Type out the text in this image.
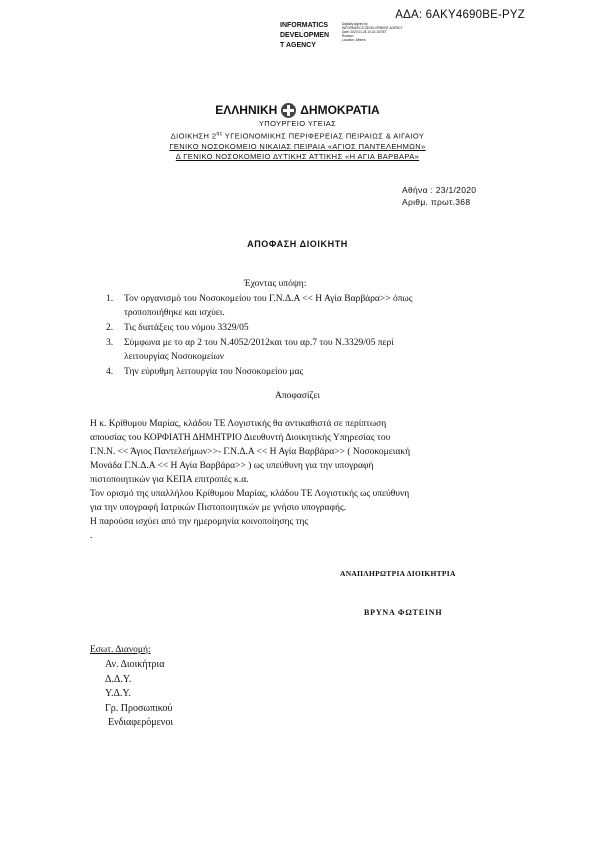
ΑΔΑ: 6ΑΚΥ4690ΒΕ-ΡΥΖ
INFORMATICS
DEVELOPMEN
T AGENCY
Digitally signed by
INFORMATICS DEVELOPMENT AGENCY
Date: 2020.01.28 10:21:18 EET
Reason:
Location: Athens
ΕΛΛΗΝΙΚΗ ΔΗΜΟΚΡΑΤΙΑ
ΥΠΟΥΡΓΕΙΟ ΥΓΕΙΑΣ
ΔΙΟΙΚΗΣΗ $2^{\eta\varsigma}$ ΥΓΕΙΟΝΟΜΙΚΗΣ ΠΕΡΙΦΕΡΕΙΑΣ ΠΕΙΡΑΙΩΣ & ΑΙΓΑΙΟΥ
ΓΕΝΙΚΟ ΝΟΣΟΚΟΜΕΙΟ ΝΙΚΑΙΑΣ ΠΕΙΡΑΙΑ «ΑΓΙΟΣ ΠΑΝΤΕΛΕΗΜΩΝ»
Δ ΓΕΝΙΚΟ ΝΟΣΟΚΟΜΕΙΟ ΔΥΤΙΚΗΣ ΑΤΤΙΚΗΣ «Η ΑΓΙΑ ΒΑΡΒΑΡΑ»
Αθήνα : 23/1/2020
Αριθμ. πρωτ.368
ΑΠΟΦΑΣΗ ΔΙΟΙΚΗΤΗ
Έχοντας υπόψη:
1. Τον οργανισμό του Νοσοκομείου του Γ.Ν.Δ.Α << Η Αγία Βαρβάρα>> όπως
τροποποιήθηκε και ισχύει.
2. Τις διατάξεις του νόμου 3329/05
3. Σύμφωνα με το αρ 2 του Ν.4052/2012και του αρ.7 του Ν.3329/05 περί
λειτουργίας Νοσοκομείων
4. Την εύρυθμη λειτουργία του Νοσοκομείου μας
Αποφασίζει

Η κ. Κρίθυμου Μαρίας, κλάδου ΤΕ Λογιστικής θα αντικαθιστά σε περίπτωση

απουσίας του ΚΟΡΦΙΑΤΗ ΔΗΜΗΤΡΙΟ Διευθυντή Διοικητικής Υπηρεσίας του

Γ.Ν.Ν. << Άγιος Παντελεήμων>>- Γ.Ν.Δ.Α << Η Αγία Βαρβάρα>> ( Νοσοκομειακή

Μονάδα Γ.Ν.Δ.Α << Η Αγία Βαρβάρα>> ) ως υπεύθυνη για την υπογραφή

πιστοποιητικών για ΚΕΠΑ επιτροπές κ.α.

Τον ορισμό της υπαλλήλου Κρίθυμου Μαρίας, κλάδου ΤΕ Λογιστικής ως υπεύθυνη

για την υπογραφή Ιατρικών Πιστοποιητικών με γνήσιο υπογραφής.

Η παρούσα ισχύει από την ημερομηνία κοινοποίησης της

.

ΑΝΑΠΛΗΡΩΤΡΙΑ ΔΙΟΙΚΗΤΡΙΑ
ΒΡΥΝΑ ΦΩΤΕΙΝΗ
Εσωτ. Διανομή:
Αν. Διοικήτρια
Δ.Δ.Υ.
Υ.Δ.Υ.
Γρ. Προσωπικού
Ενδιαφερόμενοι
